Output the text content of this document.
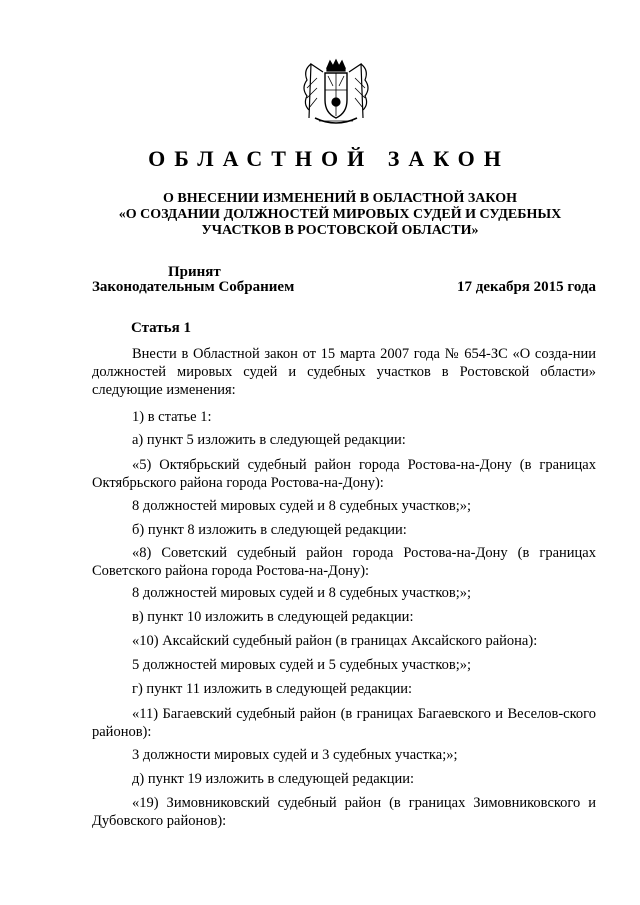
ОБЛАСТНОЙ ЗАКОН
О ВНЕСЕНИИ ИЗМЕНЕНИЙ В ОБЛАСТНОЙ ЗАКОН
«О СОЗДАНИИ ДОЛЖНОСТЕЙ МИРОВЫХ СУДЕЙ И СУДЕБНЫХ
УЧАСТКОВ В РОСТОВСКОЙ ОБЛАСТИ»
Принят
Законодательным Собранием	17 декабря 2015 года
Статья 1

Внести в Областной закон от 15 марта 2007 года № 654-ЗС «О созда-нии должностей мировых судей и судебных участков в Ростовской области» следующие изменения:

1) в статье 1:

а) пункт 5 изложить в следующей редакции:

«5) Октябрьский судебный район города Ростова-на-Дону (в границах Октябрьского района города Ростова-на-Дону):

8 должностей мировых судей и 8 судебных участков;»;

б) пункт 8 изложить в следующей редакции:

«8) Советский судебный район города Ростова-на-Дону (в границах Советского района города Ростова-на-Дону):

8 должностей мировых судей и 8 судебных участков;»;

в) пункт 10 изложить в следующей редакции:

«10) Аксайский судебный район (в границах Аксайского района):

5 должностей мировых судей и 5 судебных участков;»;

г) пункт 11 изложить в следующей редакции:

«11) Багаевский судебный район (в границах Багаевского и Веселов-ского районов):

3 должности мировых судей и 3 судебных участка;»;

д) пункт 19 изложить в следующей редакции:

«19) Зимовниковский судебный район (в границах Зимовниковского и Дубовского районов):
